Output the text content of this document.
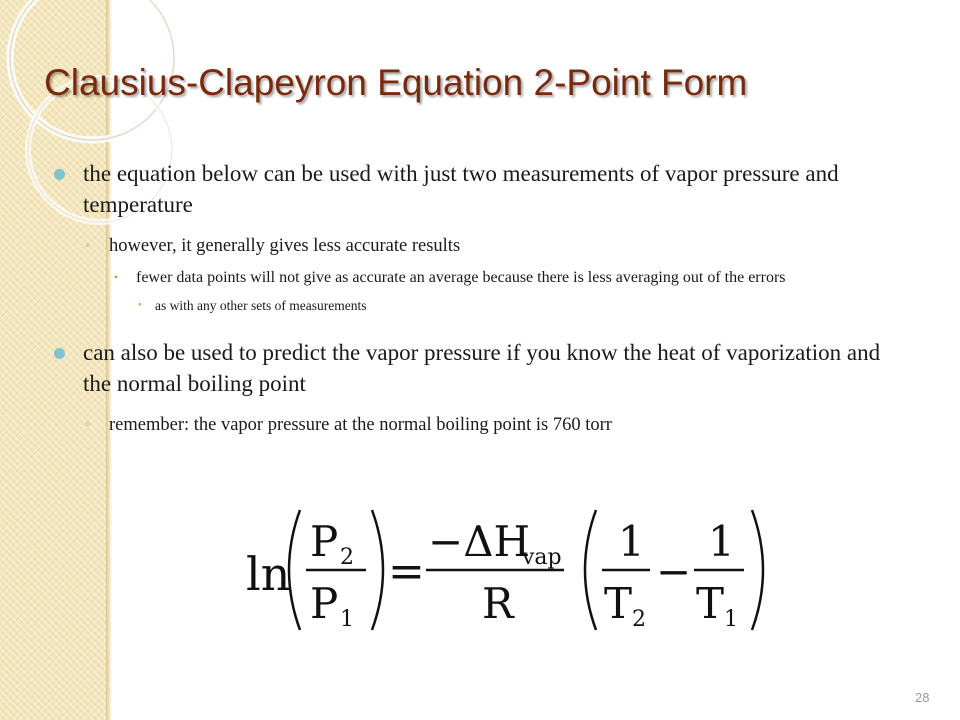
Clausius-Clapeyron Equation 2-Point Form
the equation below can be used with just two measurements of vapor pressure and temperature
◦ however, it generally gives less accurate results
• fewer data points will not give as accurate an average because there is less averaging out of the errors
• as with any other sets of measurements
can also be used to predict the vapor pressure if you know the heat of vaporization and the normal boiling point
◦ remember: the vapor pressure at the normal boiling point is 760 torr
ln
P 2
P 1
=
−ΔH
vap
R
1
T 2
−
1
T 1
28
